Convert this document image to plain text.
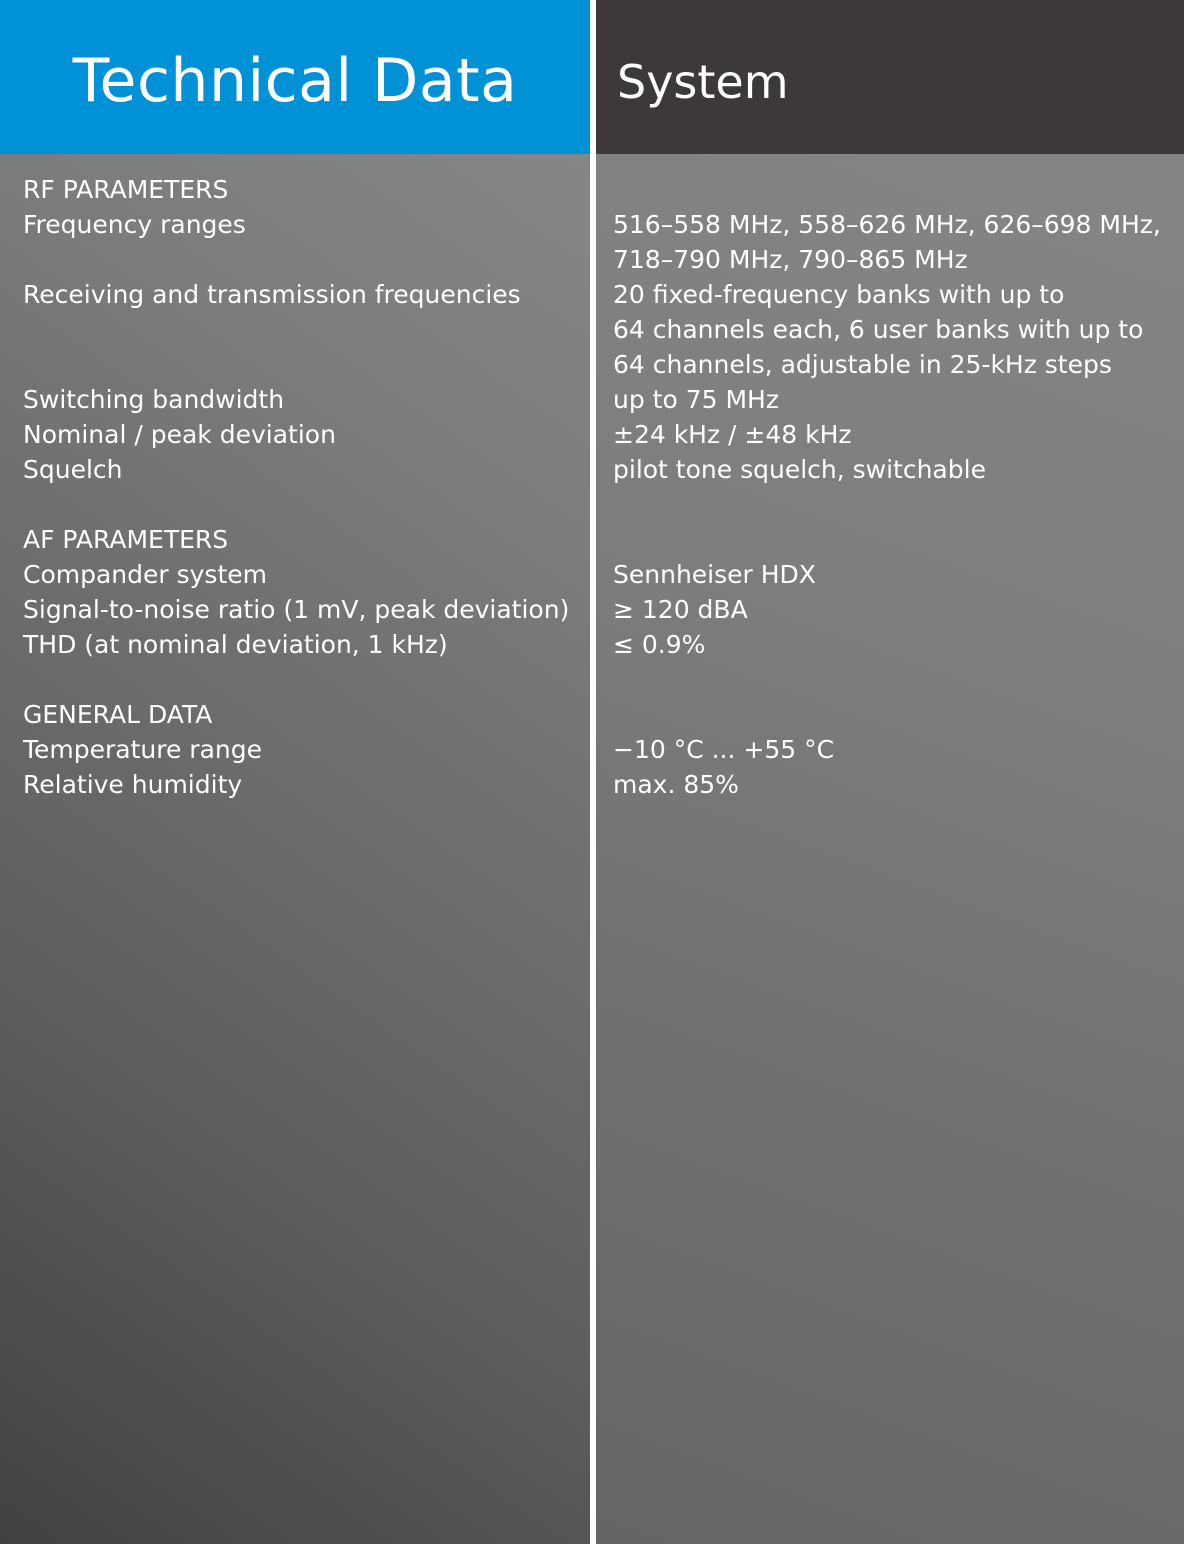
Technical Data	System
RF PARAMETERS
Frequency ranges	516–558 MHz, 558–626 MHz, 626–698 MHz,
718–790 MHz, 790–865 MHz
Receiving and transmission frequencies	20 fixed-frequency banks with up to
64 channels each, 6 user banks with up to
64 channels, adjustable in 25-kHz steps
Switching bandwidth	up to 75 MHz
Nominal / peak deviation	±24 kHz / ±48 kHz
Squelch	pilot tone squelch, switchable
AF PARAMETERS
Compander system	Sennheiser HDX
Signal-to-noise ratio (1 mV, peak deviation) ≥ 120 dBA
THD (at nominal deviation, 1 kHz)	≤ 0.9%
GENERAL DATA
Temperature range	−10 °C ... +55 °C
Relative humidity	max. 85%
